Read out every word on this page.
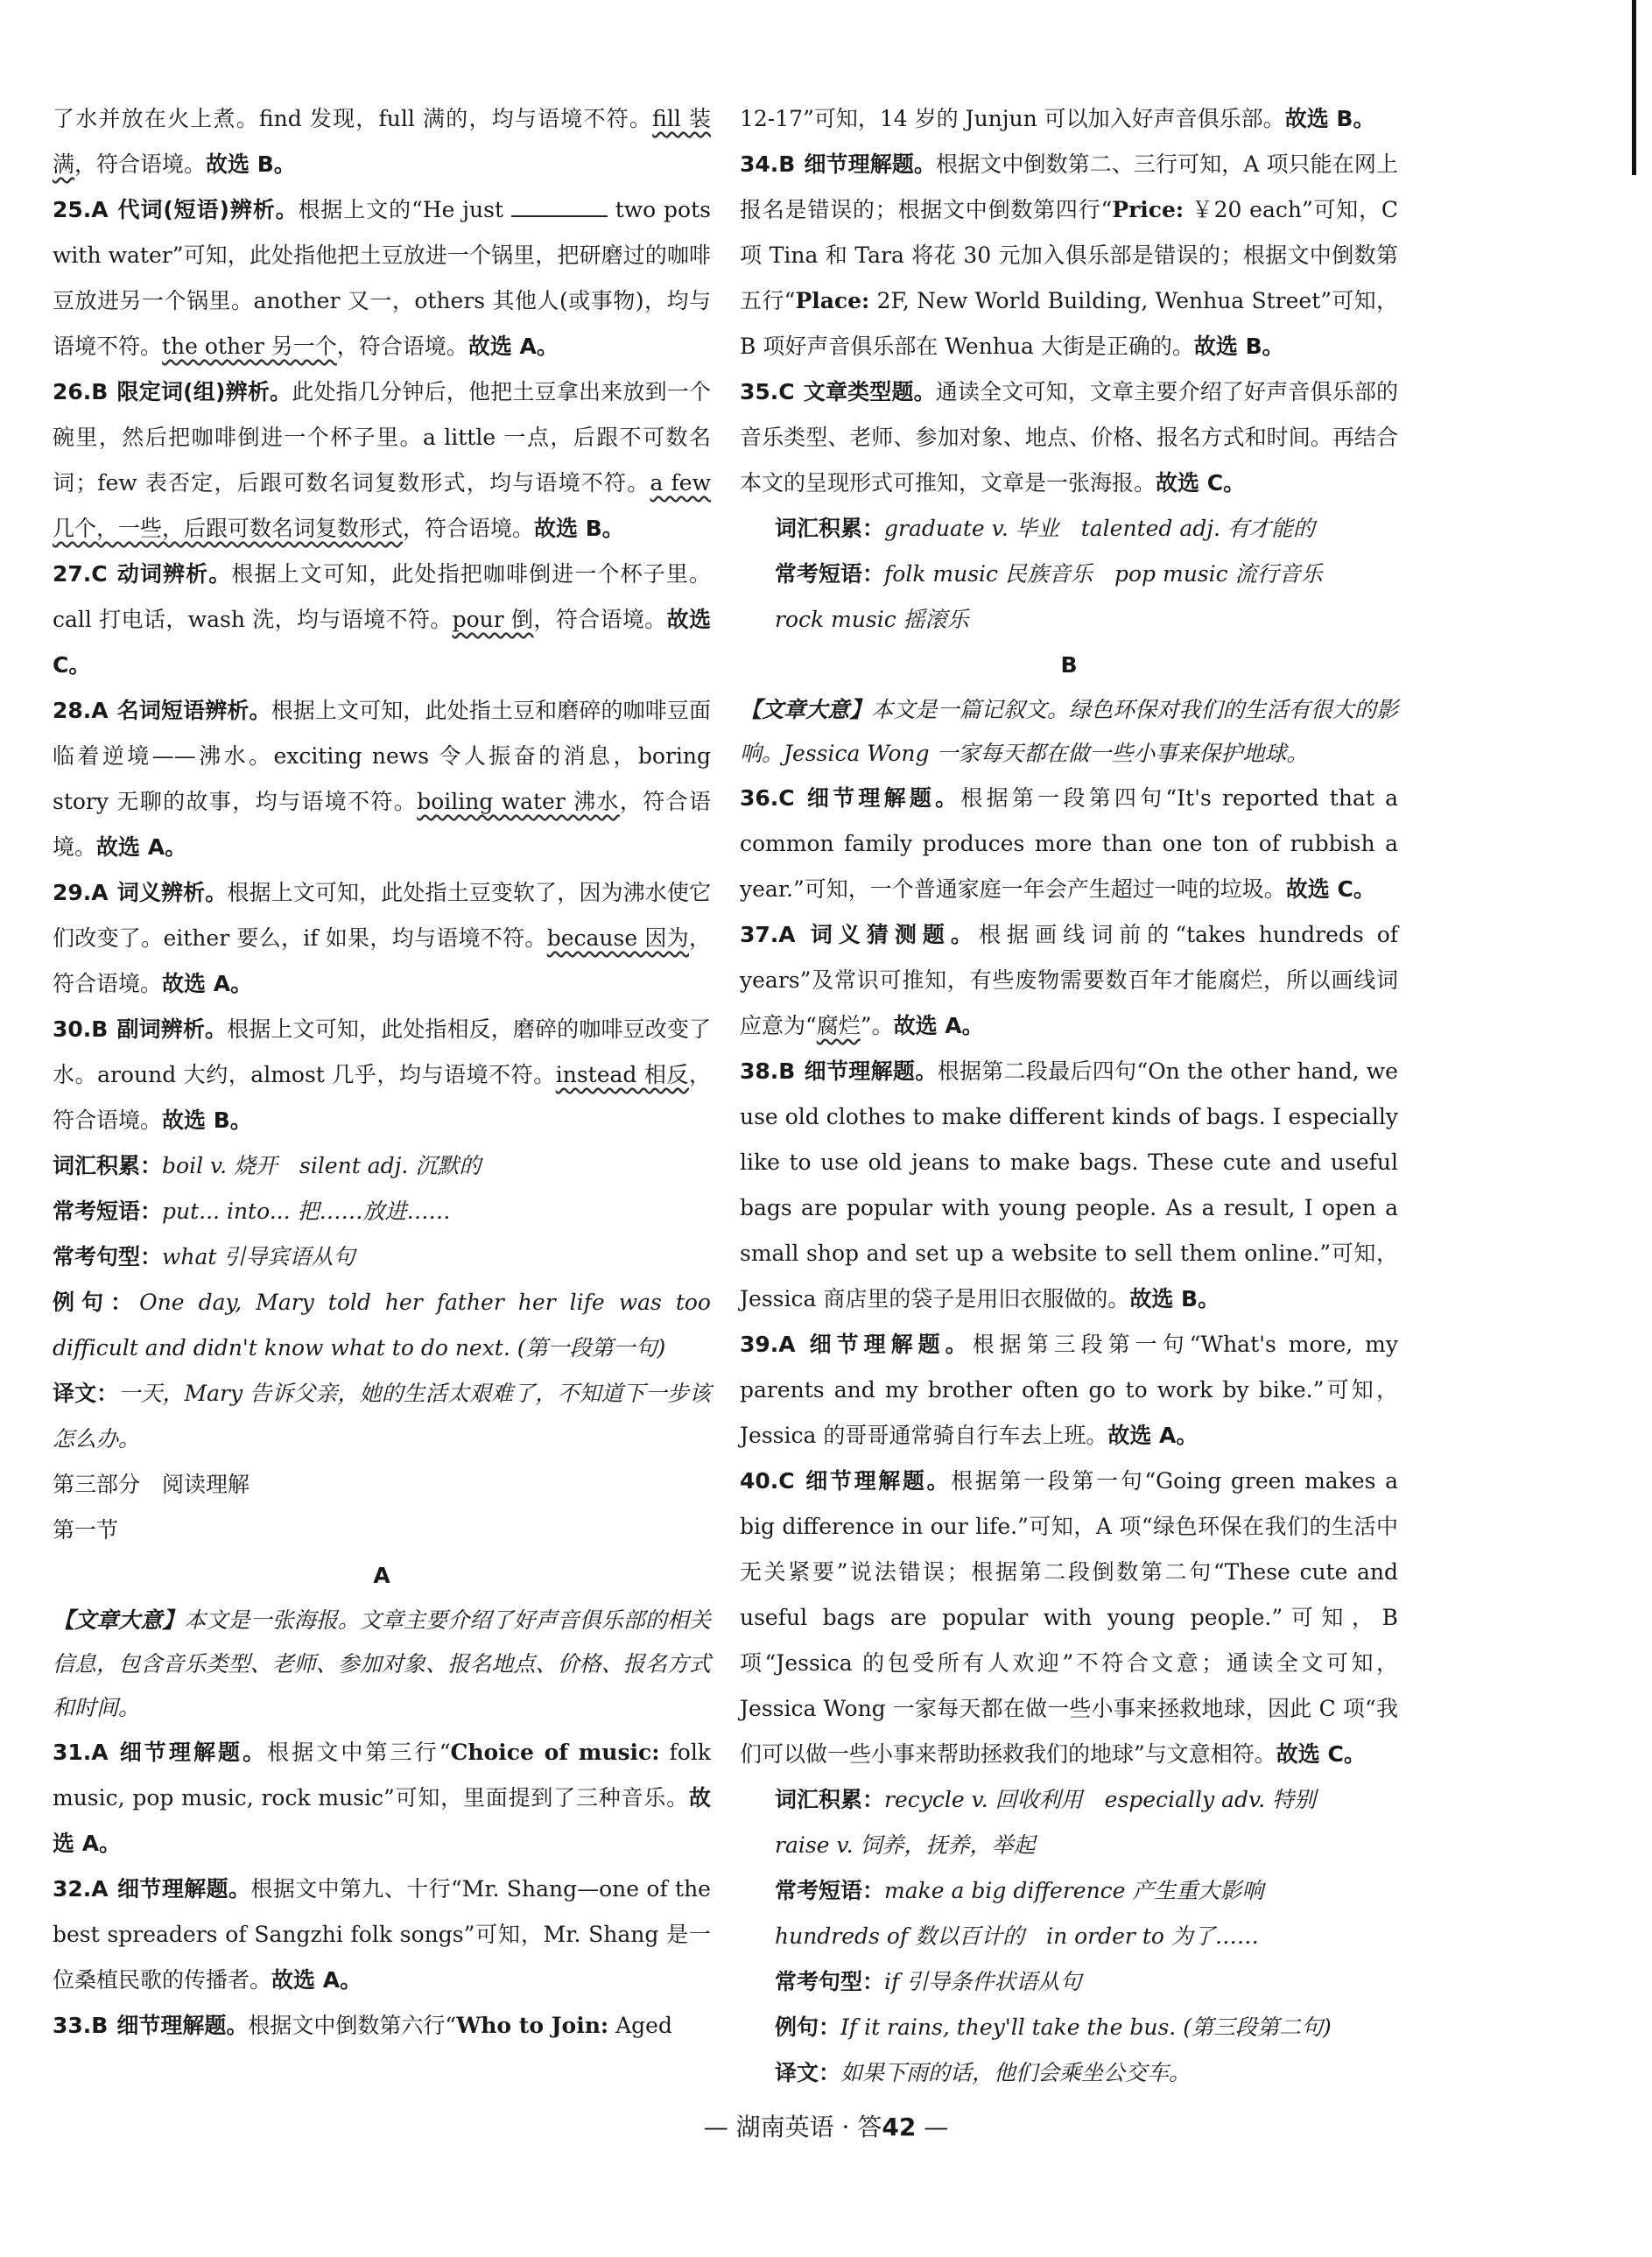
了水并放在火上煮。find 发现，full 满的，均与语境不符。fill 装满，符合语境。故选 B。

25.A 代词(短语)辨析。根据上文的“He just	two pots with water”可知，此处指他把土豆放进一个锅里，把研磨过的咖啡豆放进另一个锅里。another 又一，others 其他人(或事物)，均与语境不符。the other 另一个，符合语境。故选 A。

26.B 限定词(组)辨析。此处指几分钟后，他把土豆拿出来放到一个碗里，然后把咖啡倒进一个杯子里。a little 一点，后跟不可数名词；few 表否定，后跟可数名词复数形式，均与语境不符。a few 几个，一些，后跟可数名词复数形式，符合语境。故选 B。

27.C 动词辨析。根据上文可知，此处指把咖啡倒进一个杯子里。call 打电话，wash 洗，均与语境不符。pour 倒，符合语境。故选 C。

28.A 名词短语辨析。根据上文可知，此处指土豆和磨碎的咖啡豆面临着逆境——沸水。exciting news 令人振奋的消息，boring story 无聊的故事，均与语境不符。boiling water 沸水，符合语境。故选 A。

29.A 词义辨析。根据上文可知，此处指土豆变软了，因为沸水使它们改变了。either 要么，if 如果，均与语境不符。because 因为，符合语境。故选 A。

30.B 副词辨析。根据上文可知，此处指相反，磨碎的咖啡豆改变了水。around 大约，almost 几乎，均与语境不符。instead 相反，符合语境。故选 B。

词汇积累：boil v. 烧开　silent adj. 沉默的

常考短语：put... into... 把……放进……

常考句型：what 引导宾语从句

例句：One day, Mary told her father her life was too difficult and didn't know what to do next. (第一段第一句)

译文：一天，Mary 告诉父亲，她的生活太艰难了，不知道下一步该怎么办。

第三部分　阅读理解

第一节

A

【文章大意】本文是一张海报。文章主要介绍了好声音俱乐部的相关信息，包含音乐类型、老师、参加对象、报名地点、价格、报名方式和时间。

31.A 细节理解题。根据文中第三行“Choice of music: folk music, pop music, rock music”可知，里面提到了三种音乐。故选 A。

32.A 细节理解题。根据文中第九、十行“Mr. Shang—one of the best spreaders of Sangzhi folk songs”可知，Mr. Shang 是一位桑植民歌的传播者。故选 A。

33.B 细节理解题。根据文中倒数第六行“Who to Join: Aged

12-17”可知，14 岁的 Junjun 可以加入好声音俱乐部。故选 B。

34.B 细节理解题。根据文中倒数第二、三行可知，A 项只能在网上报名是错误的；根据文中倒数第四行“Price: ￥20 each”可知，C 项 Tina 和 Tara 将花 30 元加入俱乐部是错误的；根据文中倒数第五行“Place: 2F, New World Building, Wenhua Street”可知，B 项好声音俱乐部在 Wenhua 大街是正确的。故选 B。

35.C 文章类型题。通读全文可知，文章主要介绍了好声音俱乐部的音乐类型、老师、参加对象、地点、价格、报名方式和时间。再结合本文的呈现形式可推知，文章是一张海报。故选 C。

词汇积累：graduate v. 毕业　talented adj. 有才能的

常考短语：folk music 民族音乐　pop music 流行音乐

rock music 摇滚乐

B

【文章大意】本文是一篇记叙文。绿色环保对我们的生活有很大的影响。Jessica Wong 一家每天都在做一些小事来保护地球。

36.C 细节理解题。根据第一段第四句“It's reported that a common family produces more than one ton of rubbish a year.”可知，一个普通家庭一年会产生超过一吨的垃圾。故选 C。

37.A 词义猜测题。根据画线词前的“takes hundreds of years”及常识可推知，有些废物需要数百年才能腐烂，所以画线词应意为“腐烂”。故选 A。

38.B 细节理解题。根据第二段最后四句“On the other hand, we use old clothes to make different kinds of bags. I especially like to use old jeans to make bags. These cute and useful bags are popular with young people. As a result, I open a small shop and set up a website to sell them online.”可知，Jessica 商店里的袋子是用旧衣服做的。故选 B。

39.A 细节理解题。根据第三段第一句“What's more, my parents and my brother often go to work by bike.”可知，Jessica 的哥哥通常骑自行车去上班。故选 A。

40.C 细节理解题。根据第一段第一句“Going green makes a big difference in our life.”可知，A 项“绿色环保在我们的生活中无关紧要”说法错误；根据第二段倒数第二句“These cute and useful bags are popular with young people.”可知，B 项“Jessica 的包受所有人欢迎”不符合文意；通读全文可知，Jessica Wong 一家每天都在做一些小事来拯救地球，因此 C 项“我们可以做一些小事来帮助拯救我们的地球”与文意相符。故选 C。

词汇积累：recycle v. 回收利用　especially adv. 特别

raise v. 饲养，抚养，举起

常考短语：make a big difference 产生重大影响

hundreds of 数以百计的　in order to 为了……

常考句型：if 引导条件状语从句

例句：If it rains, they'll take the bus. (第三段第二句)

译文：如果下雨的话，他们会乘坐公交车。

— 湖南英语 · 答42 —
